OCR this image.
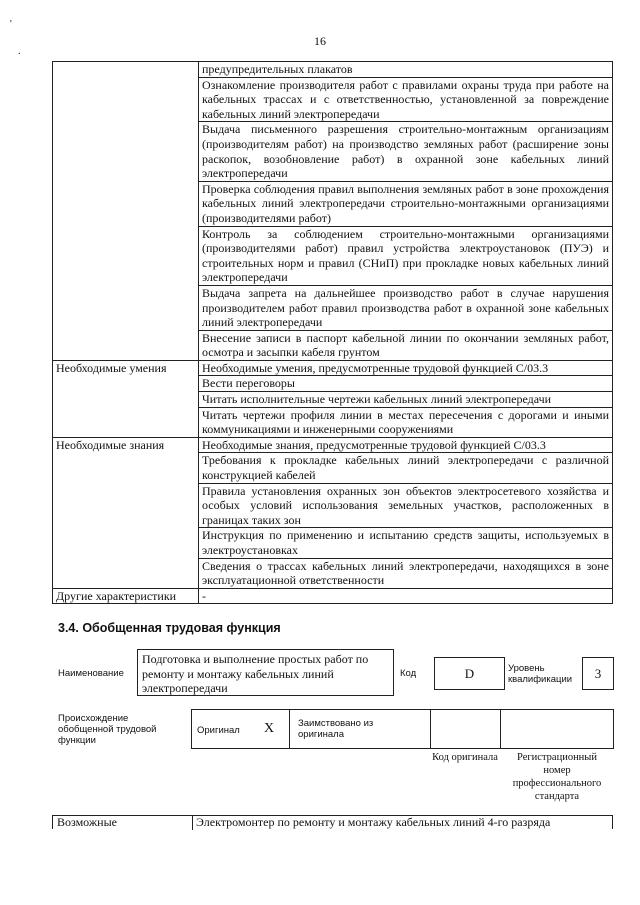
16
'
.
	предупредительных плакатов
	Ознакомление производителя работ с правилами охраны труда при работе на кабельных трассах и с ответственностью, установленной за повреждение кабельных линий электропередачи
	Выдача письменного разрешения строительно-монтажным организациям (производителям работ) на производство земляных работ (расширение зоны раскопок, возобновление работ) в охранной зоне кабельных линий электропередачи
	Проверка соблюдения правил выполнения земляных работ в зоне прохождения кабельных линий электропередачи строительно-монтажными организациями (производителями работ)
	Контроль за соблюдением строительно-монтажными организациями (производителями работ) правил устройства электроустановок (ПУЭ) и строительных норм и правил (СНиП) при прокладке новых кабельных линий электропередачи
	Выдача запрета на дальнейшее производство работ в случае нарушения производителем работ правил производства работ в охранной зоне кабельных линий электропередачи
	Внесение записи в паспорт кабельной линии по окончании земляных работ, осмотра и засыпки кабеля грунтом
Необходимые умения	Необходимые умения, предусмотренные трудовой функцией С/03.3
	Вести переговоры
	Читать исполнительные чертежи кабельных линий электропередачи
	Читать чертежи профиля линии в местах пересечения с дорогами и иными коммуникациями и инженерными сооружениями
Необходимые знания	Необходимые знания, предусмотренные трудовой функцией С/03.3
	Требования к прокладке кабельных линий электропередачи с различной конструкцией кабелей
	Правила установления охранных зон объектов электросетевого хозяйства и особых условий использования земельных участков, расположенных в границах таких зон
	Инструкция по применению и испытанию средств защиты, используемых в электроустановках
	Сведения о трассах кабельных линий электропередачи, находящихся в зоне эксплуатационной ответственности
Другие характеристики	-
3.4. Обобщенная трудовая функция
Наименование
Подготовка и выполнение простых работ по ремонту и монтажу кабельных линий электропередачи
Код	D	Уровень квалификации	3
Происхождение обобщенной трудовой функции
Оригинал X	Заимствовано из оригинала
Код оригинала	Регистрационный номер профессионального стандарта
Возможные	Электромонтер по ремонту и монтажу кабельных линий 4-го разряда
